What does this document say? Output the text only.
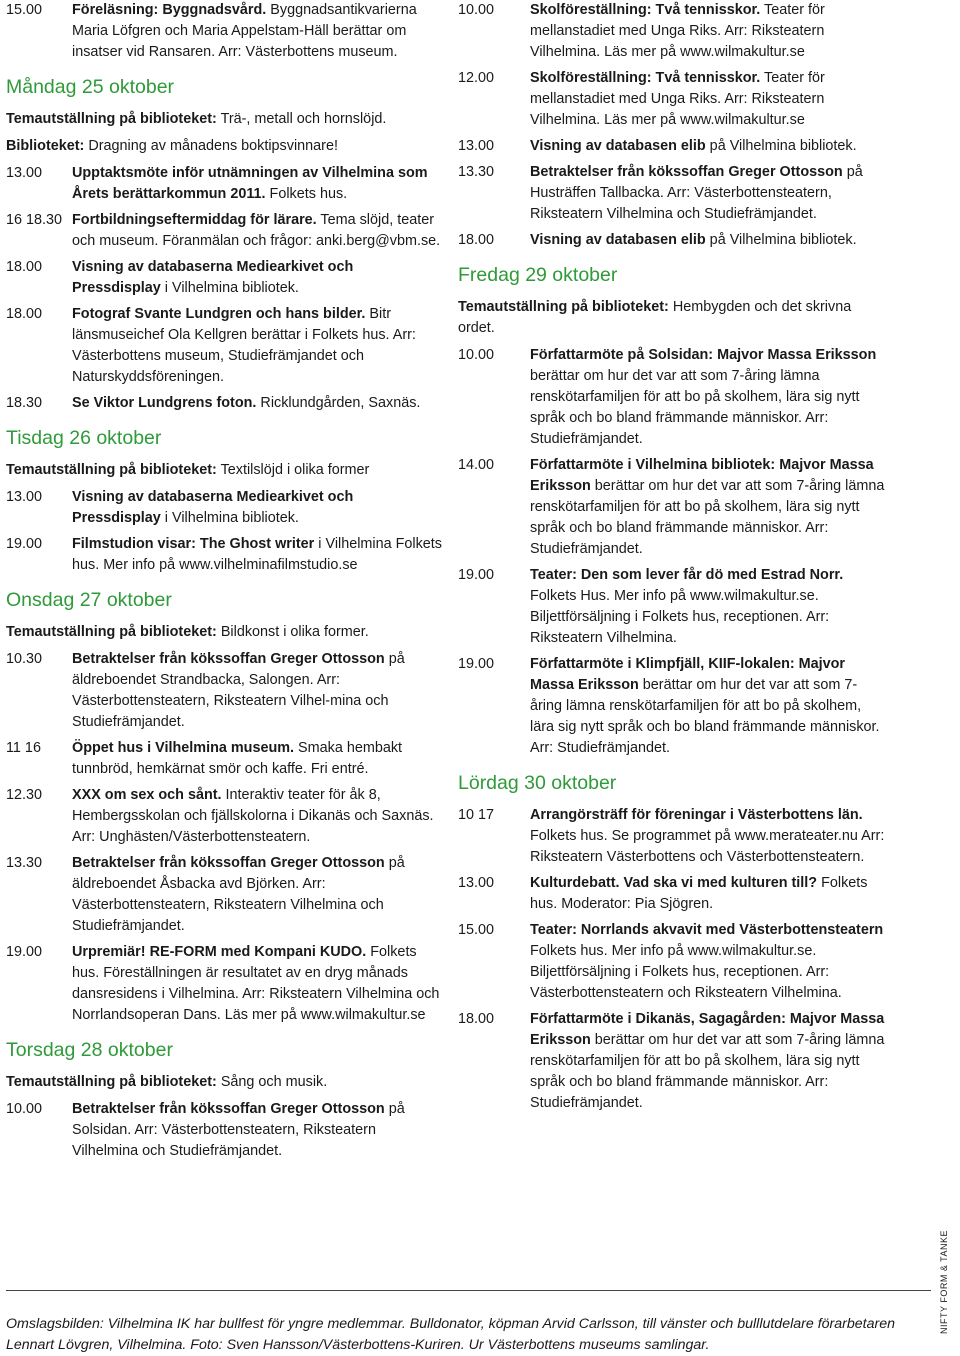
15.00	Föreläsning: Byggnadsvård. Byggnadsantikvarierna Maria Löfgren och Maria Appelstam-Häll berättar om insatser vid Ransaren. Arr: Västerbottens museum.
Måndag 25 oktober

Temautställning på biblioteket: Trä-, metall och hornslöjd.

Biblioteket: Dragning av månadens boktipsvinnare!

13.00	Upptaktsmöte inför utnämningen av Vilhelmina som Årets berättarkommun 2011. Folkets hus.
16 18.30 Fortbildningseftermiddag för lärare. Tema slöjd, teater och museum. Föranmälan och frågor: anki.berg@vbm.se.
18.00	Visning av databaserna Mediearkivet och Pressdisplay i Vilhelmina bibliotek.
18.00	Fotograf Svante Lundgren och hans bilder. Bitr länsmuseichef Ola Kellgren berättar i Folkets hus. Arr: Västerbottens museum, Studiefrämjandet och Naturskyddsföreningen.
18.30	Se Viktor Lundgrens foton. Ricklundgården, Saxnäs.
Tisdag 26 oktober

Temautställning på biblioteket: Textilslöjd i olika former

13.00	Visning av databaserna Mediearkivet och Pressdisplay i Vilhelmina bibliotek.
19.00	Filmstudion visar: The Ghost writer i Vilhelmina Folkets hus. Mer info på www.vilhelminafilmstudio.se
Onsdag 27 oktober

Temautställning på biblioteket: Bildkonst i olika former.

10.30	Betraktelser från kökssoffan Greger Ottosson på äldreboendet Strandbacka, Salongen. Arr: Västerbottensteatern, Riksteatern Vilhel-mina och Studiefrämjandet.
11 16	Öppet hus i Vilhelmina museum. Smaka hembakt tunnbröd, hemkärnat smör och kaffe. Fri entré.
12.30	XXX om sex och sånt. Interaktiv teater för åk 8, Hembergsskolan och fjällskolorna i Dikanäs och Saxnäs. Arr: Unghästen/Västerbottensteatern.
13.30	Betraktelser från kökssoffan Greger Ottosson på äldreboendet Åsbacka avd Björken. Arr: Västerbottensteatern, Riksteatern Vilhelmina och Studiefrämjandet.
19.00	Urpremiär! RE-FORM med Kompani KUDO. Folkets hus. Föreställningen är resultatet av en dryg månads dansresidens i Vilhelmina. Arr: Riksteatern Vilhelmina och Norrlandsoperan Dans. Läs mer på www.wilmakultur.se
Torsdag 28 oktober

Temautställning på biblioteket: Sång och musik.

10.00	Betraktelser från kökssoffan Greger Ottosson på Solsidan. Arr: Västerbottensteatern, Riksteatern Vilhelmina och Studiefrämjandet.
10.00	Skolföreställning: Två tennisskor. Teater för mellanstadiet med Unga Riks. Arr: Riksteatern Vilhelmina. Läs mer på www.wilmakultur.se
12.00	Skolföreställning: Två tennisskor. Teater för mellanstadiet med Unga Riks. Arr: Riksteatern Vilhelmina. Läs mer på www.wilmakultur.se
13.00	Visning av databasen elib på Vilhelmina bibliotek.
13.30	Betraktelser från kökssoffan Greger Ottosson på Husträffen Tallbacka. Arr: Västerbottensteatern, Riksteatern Vilhelmina och Studiefrämjandet.
18.00	Visning av databasen elib på Vilhelmina bibliotek.
Fredag 29 oktober

Temautställning på biblioteket: Hembygden och det skrivna ordet.

10.00	Författarmöte på Solsidan: Majvor Massa Eriksson berättar om hur det var att som 7-åring lämna renskötarfamiljen för att bo på skolhem, lära sig nytt språk och bo bland främmande människor. Arr: Studiefrämjandet.
14.00	Författarmöte i Vilhelmina bibliotek: Majvor Massa Eriksson berättar om hur det var att som 7-åring lämna renskötarfamiljen för att bo på skolhem, lära sig nytt språk och bo bland främmande människor. Arr: Studiefrämjandet.
19.00	Teater: Den som lever får dö med Estrad Norr. Folkets Hus. Mer info på www.wilmakultur.se. Biljettförsäljning i Folkets hus, receptionen. Arr: Riksteatern Vilhelmina.
19.00	Författarmöte i Klimpfjäll, KIIF-lokalen: Majvor Massa Eriksson berättar om hur det var att som 7-åring lämna renskötarfamiljen för att bo på skolhem, lära sig nytt språk och bo bland främmande människor. Arr: Studiefrämjandet.
Lördag 30 oktober
10 17	Arrangörsträff för föreningar i Västerbottens län. Folkets hus. Se programmet på www.merateater.nu Arr: Riksteatern Västerbottens och Västerbottensteatern.
13.00	Kulturdebatt. Vad ska vi med kulturen till? Folkets hus. Moderator: Pia Sjögren.
15.00	Teater: Norrlands akvavit med Västerbottensteatern Folkets hus. Mer info på www.wilmakultur.se. Biljettförsäljning i Folkets hus, receptionen. Arr: Västerbottensteatern och Riksteatern Vilhelmina.
18.00	Författarmöte i Dikanäs, Sagagården: Majvor Massa Eriksson berättar om hur det var att som 7-åring lämna renskötarfamiljen för att bo på skolhem, lära sig nytt språk och bo bland främmande människor. Arr: Studiefrämjandet.

Omslagsbilden: Vilhelmina IK har bullfest för yngre medlemmar. Bulldonator, köpman Arvid Carlsson, till vänster och bulllutdelare förarbetaren Lennart Lövgren, Vilhelmina. Foto: Sven Hansson/Västerbottens-Kuriren. Ur Västerbottens museums samlingar.

NIFTY FORM & TANKE
